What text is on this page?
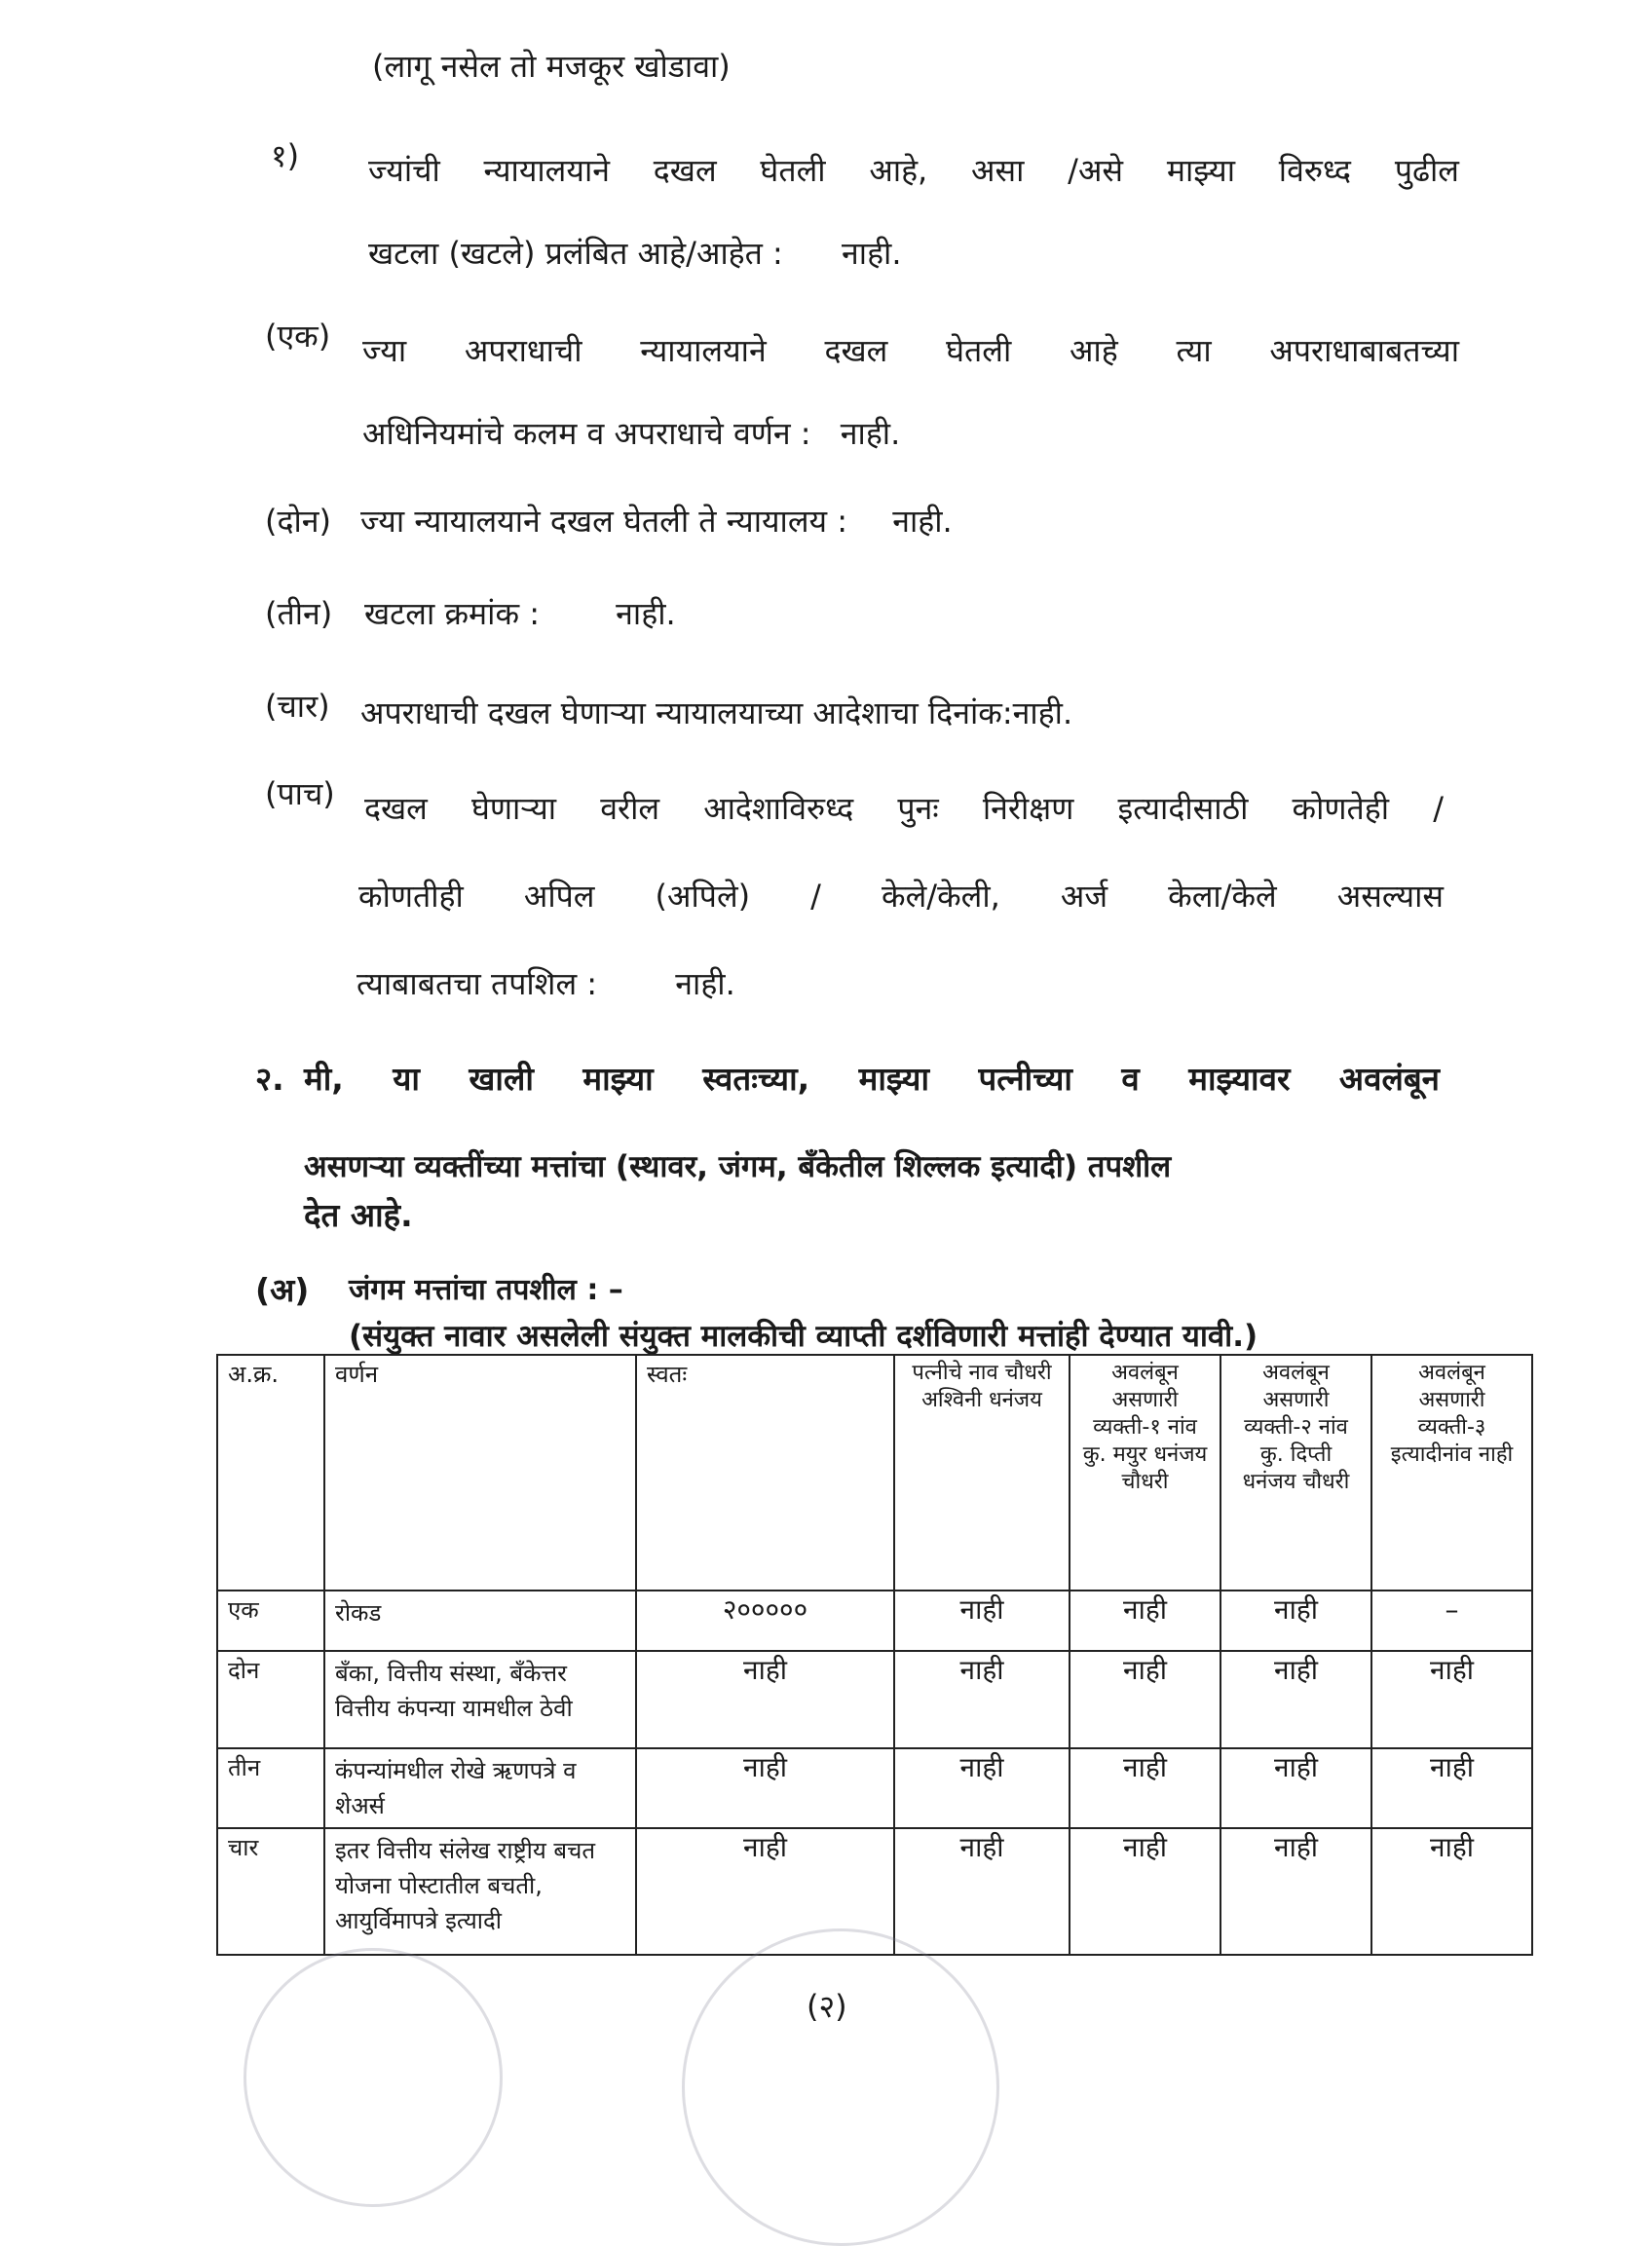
(लागू नसेल तो मजकूर खोडावा)
१) ज्यांची न्यायालयाने दखल घेतली आहे, असा /असे माझ्या विरुध्द पुढील
खटला (खटले) प्रलंबित आहे/आहेत : नाही.
(एक) ज्या अपराधाची न्यायालयाने दखल घेतली आहे त्या अपराधाबाबतच्या
अधिनियमांचे कलम व अपराधाचे वर्णन : नाही.
(दोन) ज्या न्यायालयाने दखल घेतली ते न्यायालय : नाही.
(तीन) खटला क्रमांक : नाही.
(चार) अपराधाची दखल घेणाऱ्या न्यायालयाच्या आदेशाचा दिनांक:नाही.
(पाच) दखल घेणाऱ्या वरील आदेशाविरुध्द पुनः निरीक्षण इत्यादीसाठी कोणतेही /
कोणतीही अपिल (अपिले) / केले/केली, अर्ज केला/केले असल्यास
त्याबाबतचा तपशिल :	नाही.
२. मी, या खाली माझ्या स्वतःच्या, माझ्या पत्नीच्या व माझ्यावर अवलंबून
असणऱ्या व्यक्तींच्या मत्तांचा (स्थावर, जंगम, बँकेतील शिल्लक इत्यादी) तपशील
देत आहे.
(अ) जंगम मत्तांचा तपशील : –
(संयुक्त नावार असलेली संयुक्त मालकीची व्याप्ती दर्शविणारी मत्तांही देण्यात यावी.)
अ.क्र.	वर्णन	स्वतः	पत्नीचे नाव चौधरी अश्विनी धनंजय	अवलंबून असणारी व्यक्ती-१ नांव कु. मयुर धनंजय चौधरी	अवलंबून असणारी व्यक्ती-२ नांव कु. दिप्ती धनंजय चौधरी	अवलंबून असणारी व्यक्ती-३ इत्यादीनांव नाही
एक	रोकड	२०००००	नाही	नाही	नाही	–
दोन	बँका, वित्तीय संस्था, बँकेत्तर वित्तीय कंपन्या यामधील ठेवी	नाही	नाही	नाही	नाही	नाही
तीन	कंपन्यांमधील रोखे ऋणपत्रे व शेअर्स	नाही	नाही	नाही	नाही	नाही
चार	इतर वित्तीय संलेख राष्ट्रीय बचत योजना पोस्टातील बचती, आयुर्विमापत्रे इत्यादी	नाही	नाही	नाही	नाही	नाही
(२)
